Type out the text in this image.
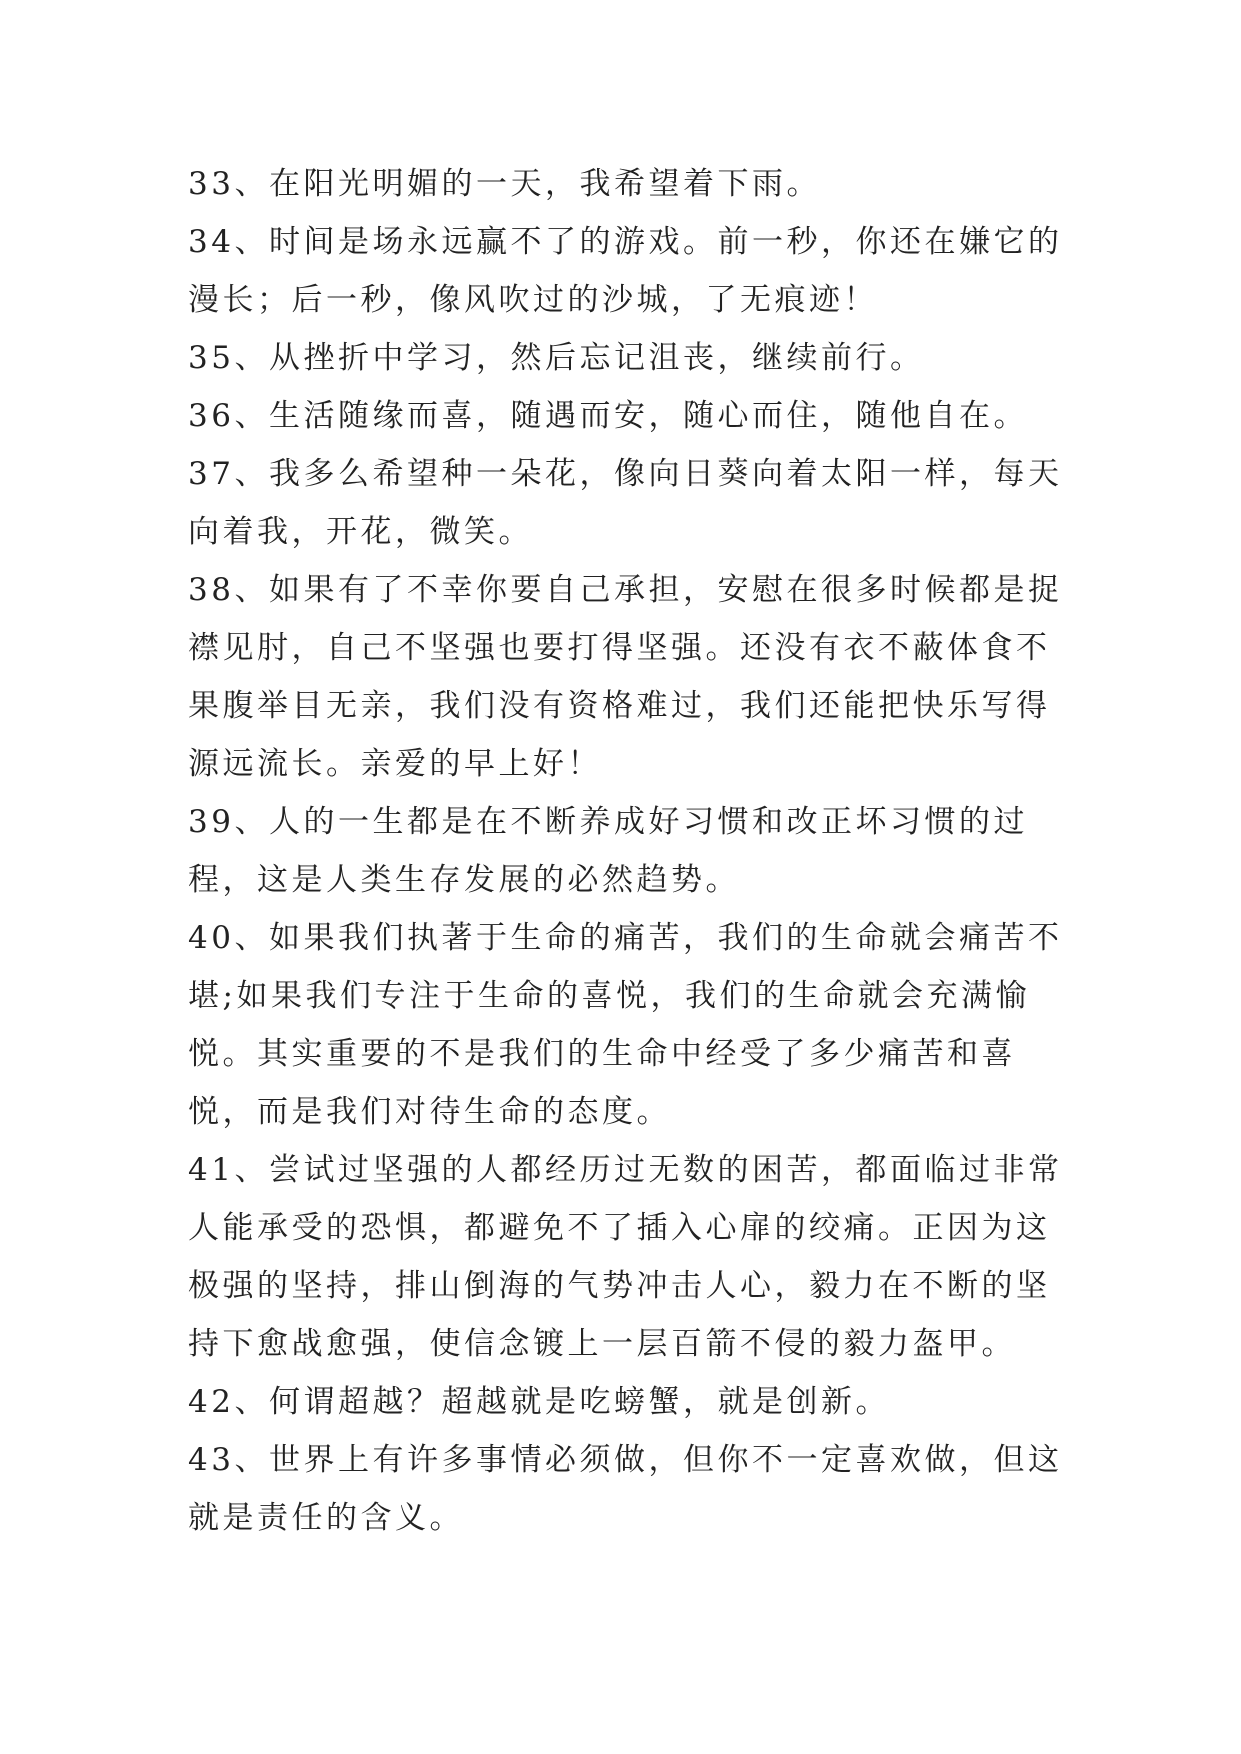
33、在阳光明媚的一天，我希望着下雨。

34、时间是场永远赢不了的游戏。前一秒，你还在嫌它的漫长；后一秒，像风吹过的沙城，了无痕迹！

35、从挫折中学习，然后忘记沮丧，继续前行。

36、生活随缘而喜，随遇而安，随心而住，随他自在。

37、我多么希望种一朵花，像向日葵向着太阳一样，每天向着我，开花，微笑。

38、如果有了不幸你要自己承担，安慰在很多时候都是捉襟见肘，自己不坚强也要打得坚强。还没有衣不蔽体食不果腹举目无亲，我们没有资格难过，我们还能把快乐写得源远流长。亲爱的早上好！

39、人的一生都是在不断养成好习惯和改正坏习惯的过程，这是人类生存发展的必然趋势。

40、如果我们执著于生命的痛苦，我们的生命就会痛苦不堪;如果我们专注于生命的喜悦，我们的生命就会充满愉悦。其实重要的不是我们的生命中经受了多少痛苦和喜悦，而是我们对待生命的态度。

41、尝试过坚强的人都经历过无数的困苦，都面临过非常人能承受的恐惧，都避免不了插入心扉的绞痛。正因为这极强的坚持，排山倒海的气势冲击人心，毅力在不断的坚持下愈战愈强，使信念镀上一层百箭不侵的毅力盔甲。

42、何谓超越？超越就是吃螃蟹，就是创新。

43、世界上有许多事情必须做，但你不一定喜欢做，但这就是责任的含义。
